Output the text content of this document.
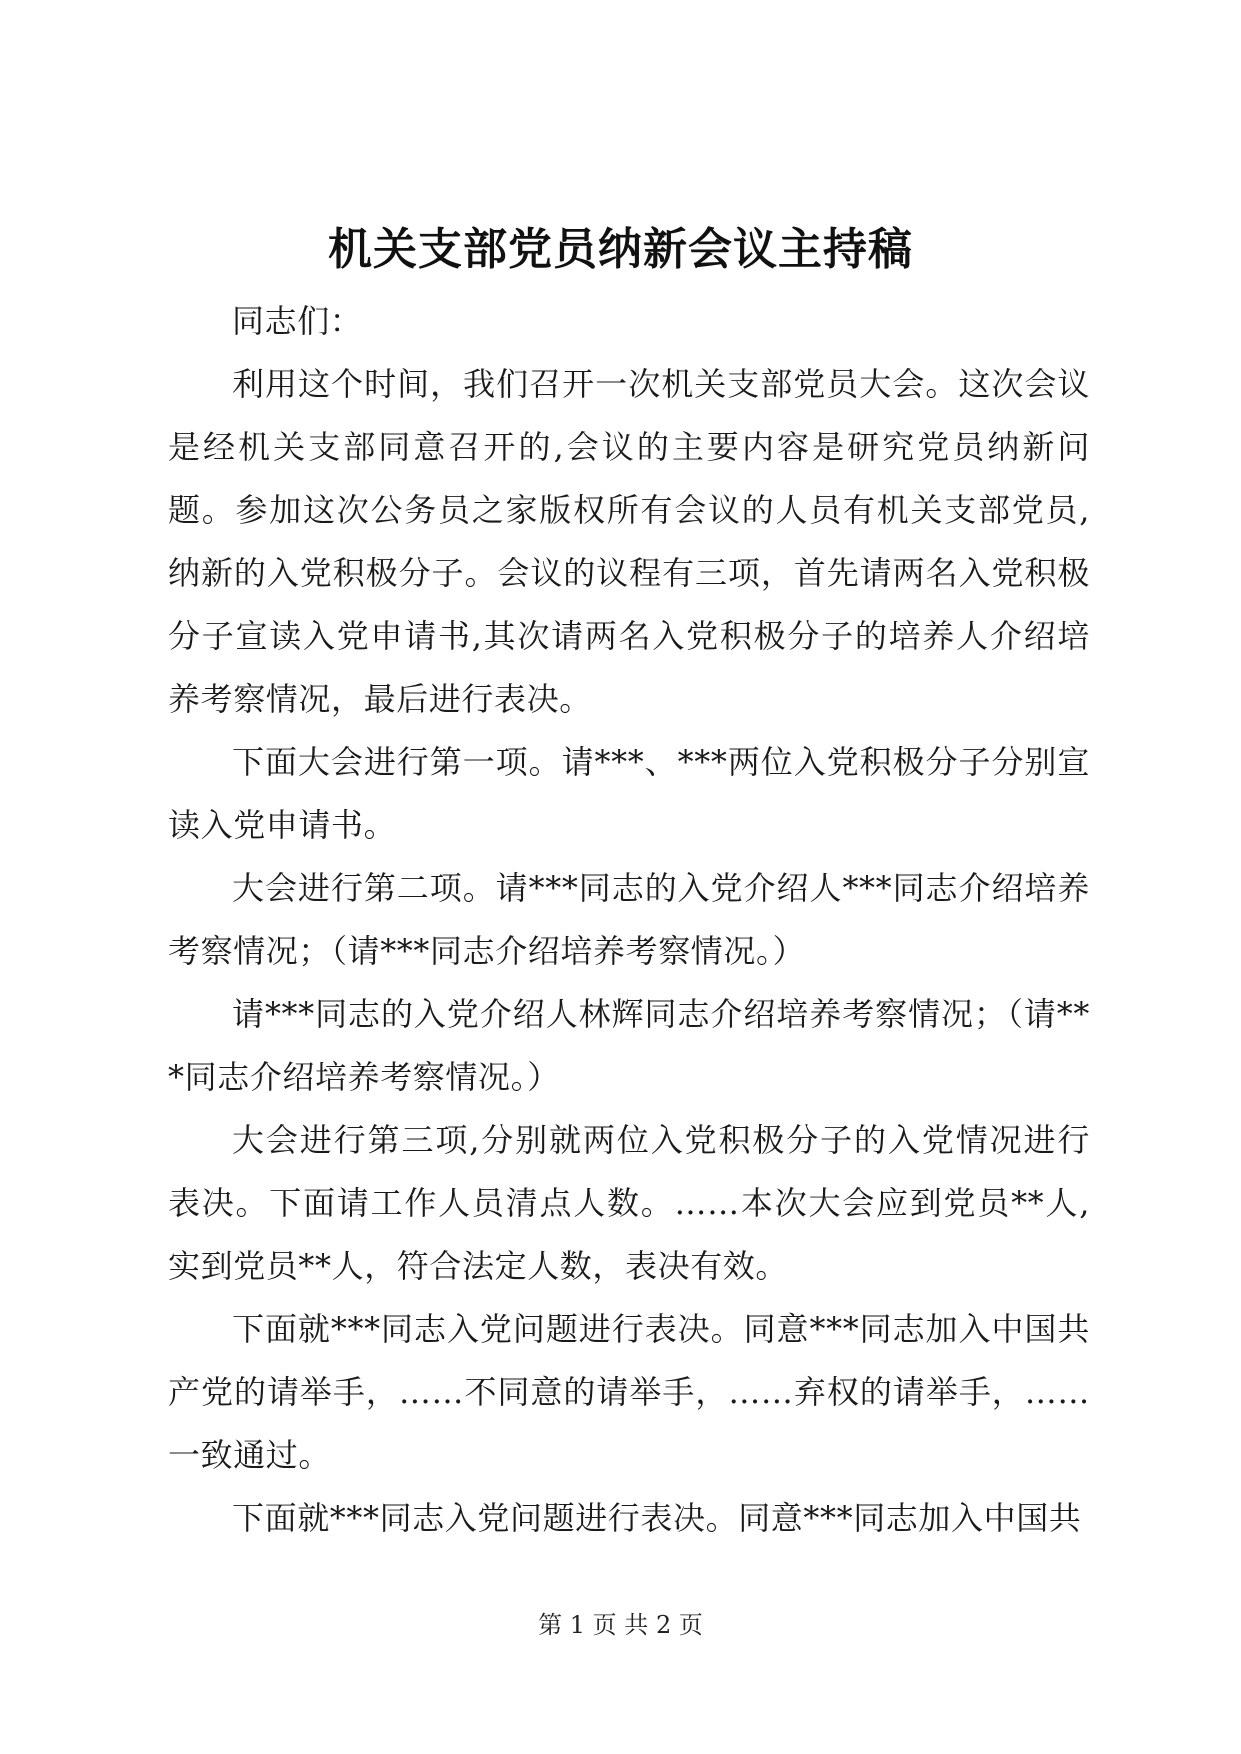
机关支部党员纳新会议主持稿

同志们：

利用这个时间，我们召开一次机关支部党员大会。这次会议是经机关支部同意召开的,会议的主要内容是研究党员纳新问题。参加这次公务员之家版权所有会议的人员有机关支部党员,纳新的入党积极分子。会议的议程有三项，首先请两名入党积极分子宣读入党申请书,其次请两名入党积极分子的培养人介绍培养考察情况，最后进行表决。

下面大会进行第一项。请***、***两位入党积极分子分别宣读入党申请书。

大会进行第二项。请***同志的入党介绍人***同志介绍培养考察情况；（请***同志介绍培养考察情况。）

请***同志的入党介绍人林辉同志介绍培养考察情况；（请***同志介绍培养考察情况。）

大会进行第三项,分别就两位入党积极分子的入党情况进行表决。下面请工作人员清点人数。……本次大会应到党员**人,实到党员**人，符合法定人数，表决有效。

下面就***同志入党问题进行表决。同意***同志加入中国共产党的请举手，……不同意的请举手，……弃权的请举手，……一致通过。

下面就***同志入党问题进行表决。同意***同志加入中国共

第 1 页 共 2 页
